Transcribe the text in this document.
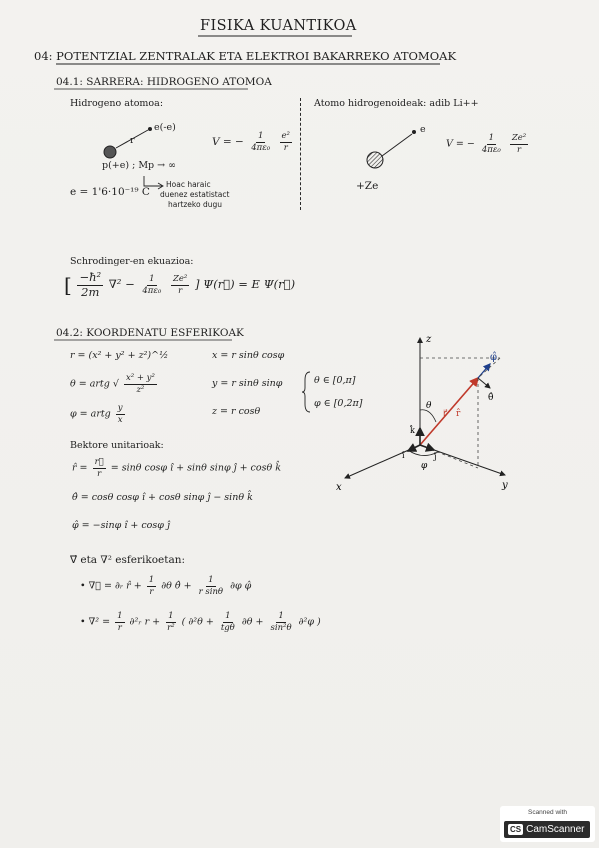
FISIKA KUANTIKOA
04: POTENTZIAL ZENTRALAK ETA ELEKTROI BAKARREKO ATOMOAK
04.1: SARRERA: HIDROGENO ATOMOA
Hidrogeno atomoa:	Atomo hidrogenoideak: adib Li++
e(-e)
r
p(+e) ; Mp → ∞
V = − $\frac{1}{\text{4πε₀}}$
$\frac{\text{e²}}{r}$
e = 1'6·10⁻¹⁹ C
Hoac haraic
duenez estatistact
hartzeko dugu
e
+Ze
V = − $\frac{1}{\text{4πε₀}}$
$\frac{\text{Ze²}}{r}$
Schrodinger-en ekuazioa:
[ $\frac{\text{−ħ²}}{2m} \nabla^2 - \frac{1}{\text{4πε₀}}$
$\frac{\text{Ze²}}{r}$ ] Ψ(r⃗) = E Ψ(r⃗)
04.2: KOORDENATU ESFERIKOAK
r = (x² + y² + z²)^½
θ = artg √ $\frac{\text{x² + y²}}{\text{z²}}$
φ = artg $\frac{y}{x}$
x = r sinθ cosφ
y = r sinθ sinφ
z = r cosθ
θ ∈ [0,π]
φ ∈ [0,2π]
Bektore unitarioak:
r̂ = $\frac{r⃗}{r} = \sin\theta$ cosφ î + sinθ sinφ ĵ + cosθ k̂
θ̂ = cosθ cosφ î + cosθ sinφ ĵ − sinθ k̂
φ̂ = −sinφ î + cosφ ĵ
∇⃗ eta ∇² esferikoetan:
• ∇⃗ = ∂ᵣ r̂ + $\frac{1}{r} \partial\theta$ θ̂ + $\frac{1}{\text{r sinθ}} \partial\varphi$ φ̂
• $\nabla^2 = \frac{1}{r}$ ∂²ᵣ $r + \frac{1}{\text{r²}}$ ( $\partial^2\theta + \frac{1}{\text{tgθ}} \partial\theta + \frac{1}{\text{sin²θ}} \partial^2\varphi$ )
z
x	y
φ̂
θ̂
r⃗ r̂
θ
φ
k̂
î	ĵ
Scanned with
CS CamScanner
